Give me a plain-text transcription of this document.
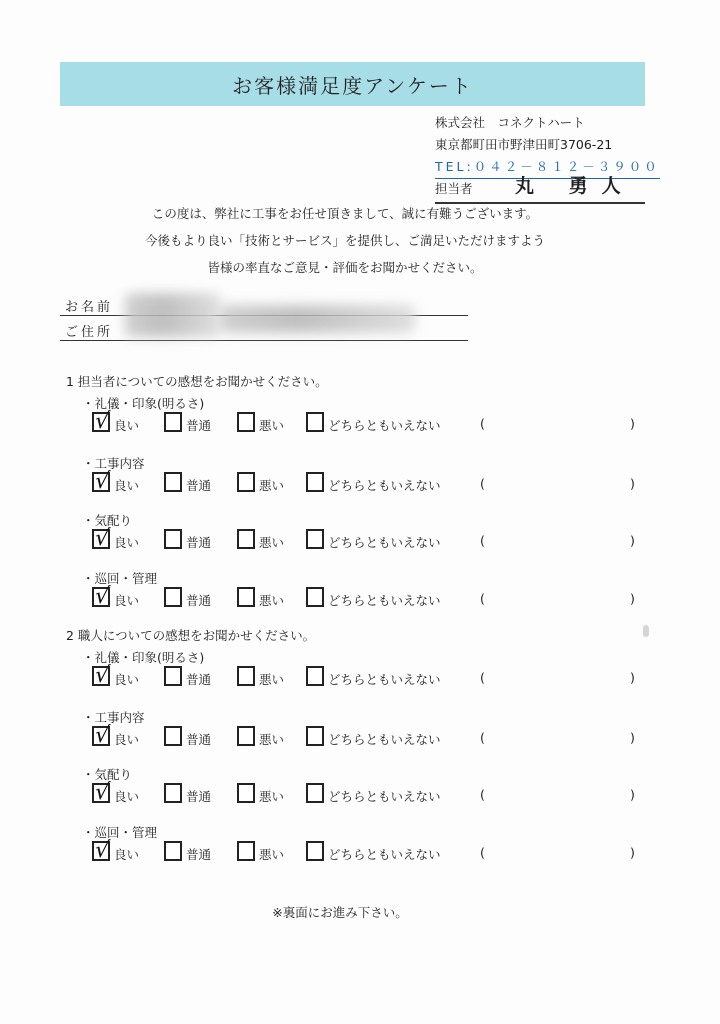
お客様満足度アンケート
株式会社　コネクトハート
東京都町田市野津田町3706-21
TEL:０４２－８１２－３９００
担当者 丸 勇人
この度は、弊社に工事をお任せ頂きまして、誠に有難うございます。
今後もより良い「技術とサービス」を提供し、ご満足いただけますよう
皆様の率直なご意見・評価をお聞かせください。
お名前
ご住所
1 担当者についての感想をお聞かせください。
・礼儀・印象(明るさ)
√ 良い	普通	悪い	どちらともいえない	(	)
・工事内容
√ 良い	普通	悪い	どちらともいえない	(	)
・気配り
√ 良い	普通	悪い	どちらともいえない	(	)
・巡回・管理
√ 良い	普通	悪い	どちらともいえない	(	)
2 職人についての感想をお聞かせください。
・礼儀・印象(明るさ)
√ 良い	普通	悪い	どちらともいえない	(	)
・工事内容
√ 良い	普通	悪い	どちらともいえない	(	)
・気配り
√ 良い	普通	悪い	どちらともいえない	(	)
・巡回・管理
√ 良い	普通	悪い	どちらともいえない	(	)
※裏面にお進み下さい。
